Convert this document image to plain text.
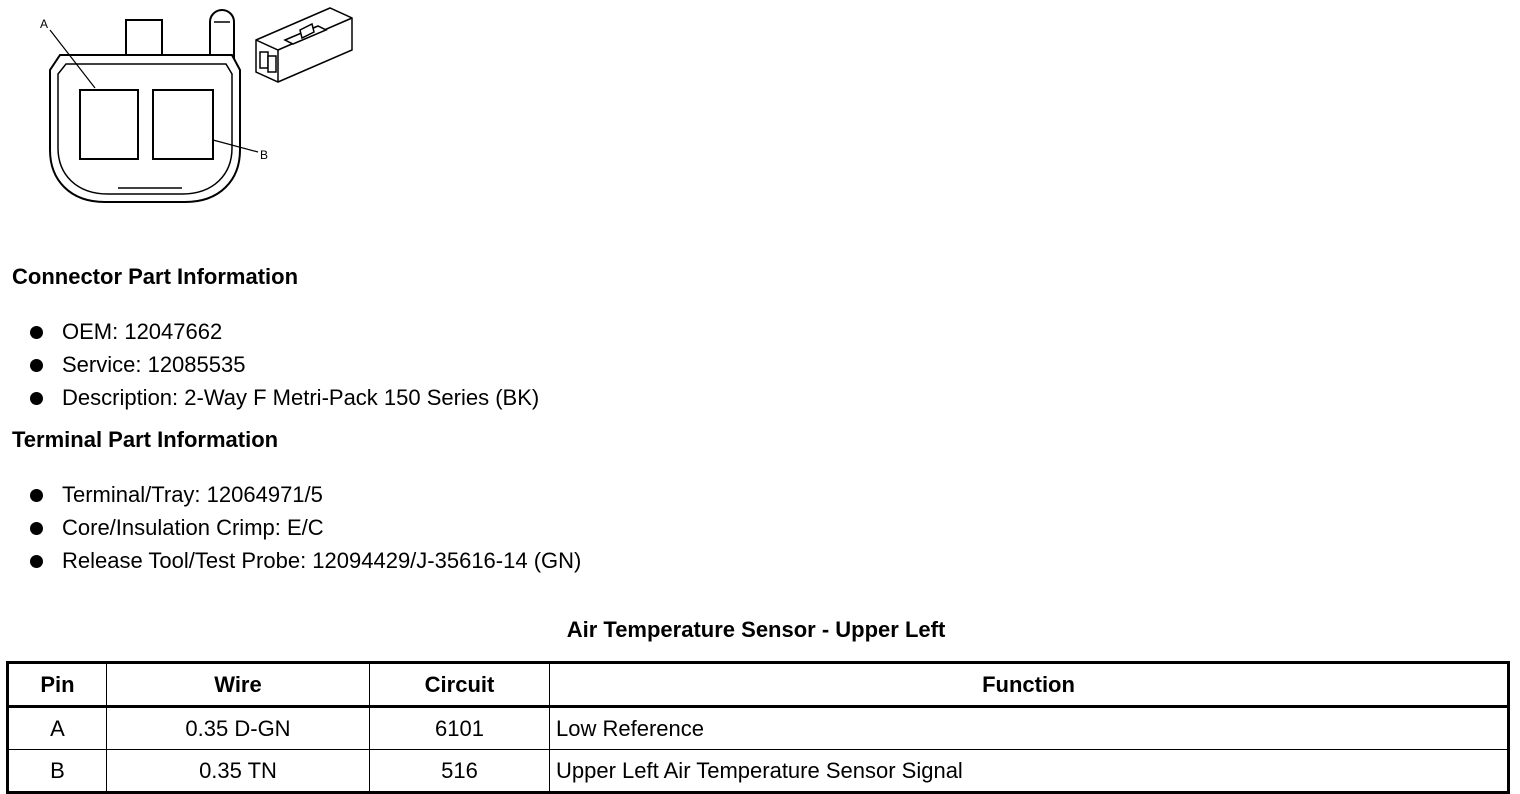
A
B
Connector Part Information
OEM: 12047662
Service: 12085535
Description: 2-Way F Metri-Pack 150 Series (BK)
Terminal Part Information
Terminal/Tray: 12064971/5
Core/Insulation Crimp: E/C
Release Tool/Test Probe: 12094429/J-35616-14 (GN)
Air Temperature Sensor - Upper Left
Pin	Wire	Circuit	Function
A	0.35 D-GN	6101	Low Reference
B	0.35 TN	516	Upper Left Air Temperature Sensor Signal
